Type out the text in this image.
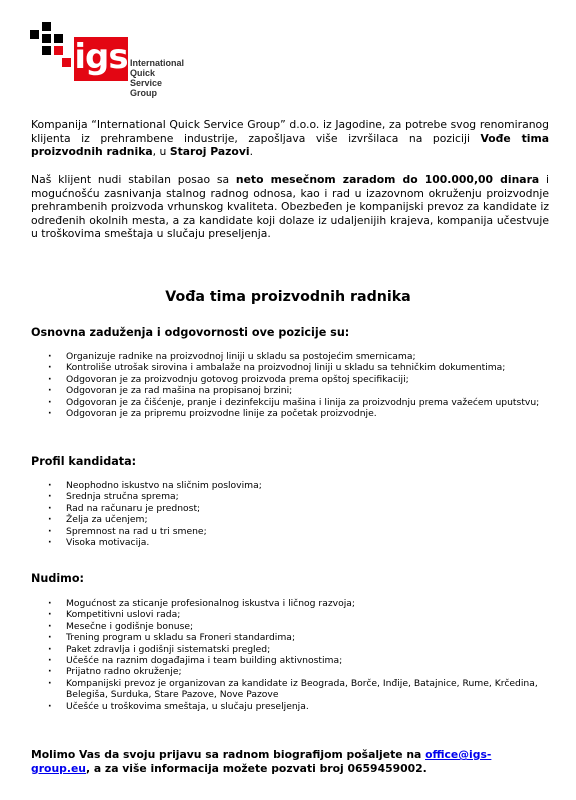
igs International Quick
Service Group
Kompanija “International Quick Service Group” d.o.o. iz Jagodine, za potrebe svog renomiranog klijenta iz prehrambene industrije, zapošljava više izvršilaca na poziciji Vođe tima proizvodnih radnika, u Staroj Pazovi.
Naš klijent nudi stabilan posao sa neto mesečnom zaradom do 100.000,00 dinara i mogućnošću zasnivanja stalnog radnog odnosa, kao i rad u izazovnom okruženju proizvodnje prehrambenih proizvoda vrhunskog kvaliteta. Obezbeđen je kompanijski prevoz za kandidate iz određenih okolnih mesta, a za kandidate koji dolaze iz udaljenijih krajeva, kompanija učestvuje u troškovima smeštaja u slučaju preseljenja.
Vođa tima proizvodnih radnika
Osnovna zaduženja i odgovornosti ove pozicije su:
· Organizuje radnike na proizvodnoj liniji u skladu sa postojećim smernicama;
· Kontroliše utrošak sirovina i ambalaže na proizvodnoj liniji u skladu sa tehničkim dokumentima;
· Odgovoran je za proizvodnju gotovog proizvoda prema opštoj specifikaciji;
· Odgovoran je za rad mašina na propisanoj brzini;
· Odgovoran je za čišćenje, pranje i dezinfekciju mašina i linija za proizvodnju prema važećem uputstvu;
· Odgovoran je za pripremu proizvodne linije za početak proizvodnje.
Profil kandidata:
· Neophodno iskustvo na sličnim poslovima;
· Srednja stručna sprema;
· Rad na računaru je prednost;
· Želja za učenjem;
· Spremnost na rad u tri smene;
· Visoka motivacija.
Nudimo:
· Mogućnost za sticanje profesionalnog iskustva i ličnog razvoja;
· Kompetitivni uslovi rada;
· Mesečne i godišnje bonuse;
· Trening program u skladu sa Froneri standardima;
· Paket zdravlja i godišnji sistematski pregled;
· Učešće na raznim događajima i team building aktivnostima;
· Prijatno radno okruženje;
· Kompanijski prevoz je organizovan za kandidate iz Beograda, Borče, Inđije, Batajnice, Rume, Krčedina, Belegiša, Surduka, Stare Pazove, Nove Pazove
· Učešće u troškovima smeštaja, u slučaju preseljenja.
Molimo Vas da svoju prijavu sa radnom biografijom pošaljete na office@igs-group.eu, a za više informacija možete pozvati broj 0659459002.
